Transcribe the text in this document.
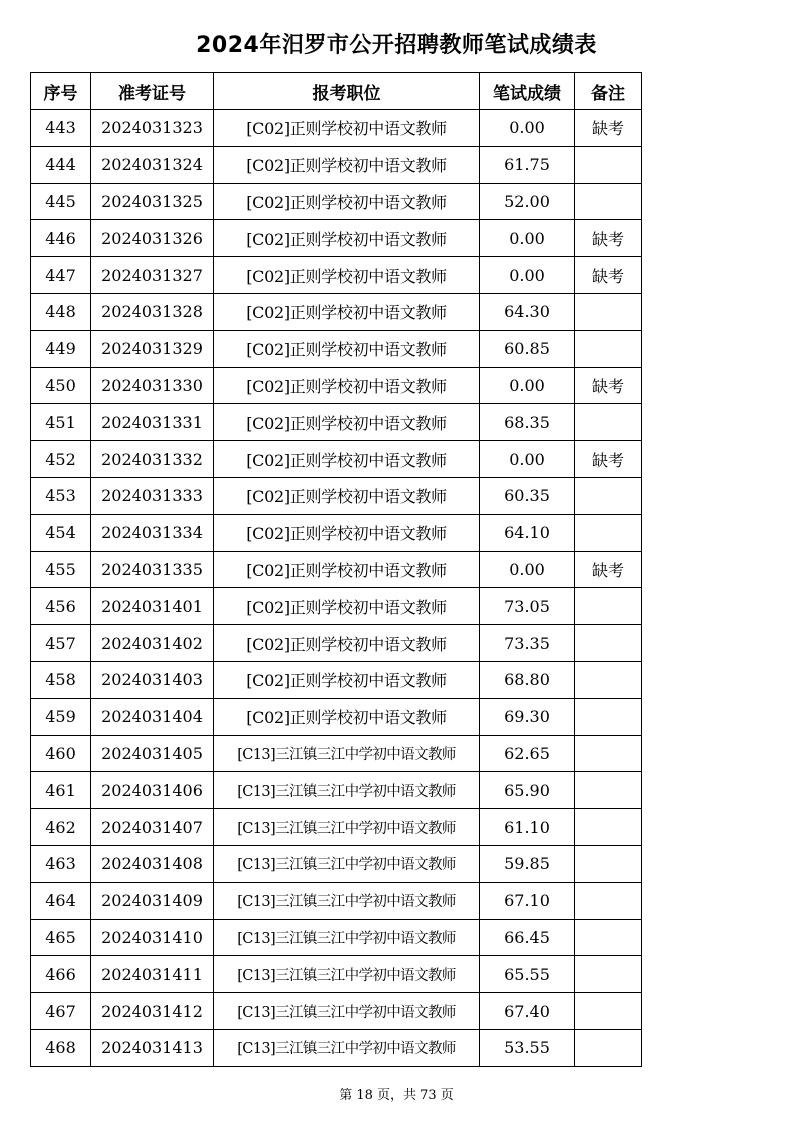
2024年汨罗市公开招聘教师笔试成绩表
序号	准考证号	报考职位	笔试成绩	备注
443	2024031323	[C02]正则学校初中语文教师	0.00	缺考
444	2024031324	[C02]正则学校初中语文教师	61.75	
445	2024031325	[C02]正则学校初中语文教师	52.00	
446	2024031326	[C02]正则学校初中语文教师	0.00	缺考
447	2024031327	[C02]正则学校初中语文教师	0.00	缺考
448	2024031328	[C02]正则学校初中语文教师	64.30	
449	2024031329	[C02]正则学校初中语文教师	60.85	
450	2024031330	[C02]正则学校初中语文教师	0.00	缺考
451	2024031331	[C02]正则学校初中语文教师	68.35	
452	2024031332	[C02]正则学校初中语文教师	0.00	缺考
453	2024031333	[C02]正则学校初中语文教师	60.35	
454	2024031334	[C02]正则学校初中语文教师	64.10	
455	2024031335	[C02]正则学校初中语文教师	0.00	缺考
456	2024031401	[C02]正则学校初中语文教师	73.05	
457	2024031402	[C02]正则学校初中语文教师	73.35	
458	2024031403	[C02]正则学校初中语文教师	68.80	
459	2024031404	[C02]正则学校初中语文教师	69.30	
460	2024031405	[C13]三江镇三江中学初中语文教师	62.65	
461	2024031406	[C13]三江镇三江中学初中语文教师	65.90	
462	2024031407	[C13]三江镇三江中学初中语文教师	61.10	
463	2024031408	[C13]三江镇三江中学初中语文教师	59.85	
464	2024031409	[C13]三江镇三江中学初中语文教师	67.10	
465	2024031410	[C13]三江镇三江中学初中语文教师	66.45	
466	2024031411	[C13]三江镇三江中学初中语文教师	65.55	
467	2024031412	[C13]三江镇三江中学初中语文教师	67.40	
468	2024031413	[C13]三江镇三江中学初中语文教师	53.55	
第 18 页，共 73 页
